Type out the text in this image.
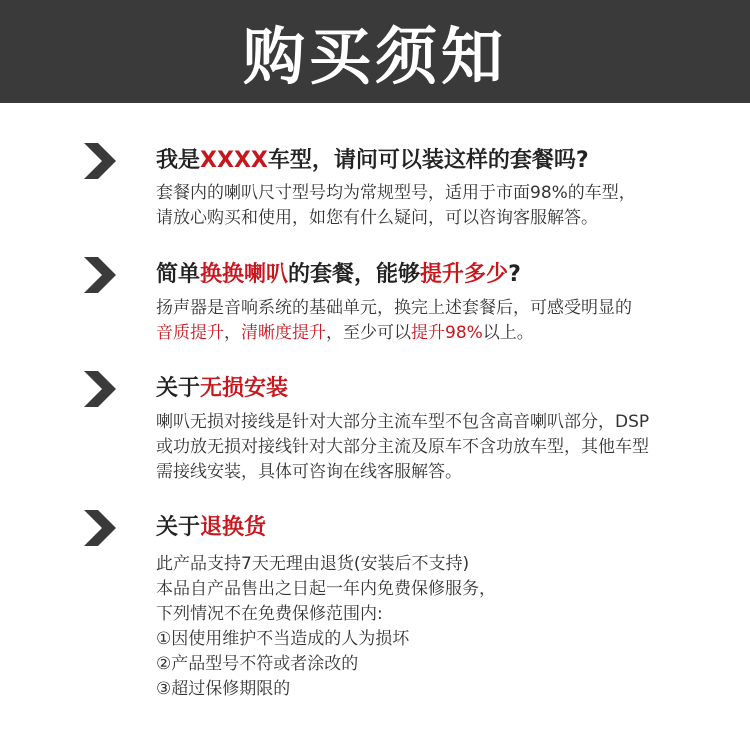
购买须知
我是XXXX车型，请问可以装这样的套餐吗?
套餐内的喇叭尺寸型号均为常规型号，适用于市面98%的车型，
请放心购买和使用，如您有什么疑问，可以咨询客服解答。
简单换换喇叭的套餐，能够提升多少?
扬声器是音响系统的基础单元，换完上述套餐后，可感受明显的
音质提升，清晰度提升，至少可以提升98%以上。
关于无损安装
喇叭无损对接线是针对大部分主流车型不包含高音喇叭部分，DSP
或功放无损对接线针对大部分主流及原车不含功放车型，其他车型
需接线安装，具体可咨询在线客服解答。
关于退换货
此产品支持7天无理由退货(安装后不支持)
本品自产品售出之日起一年内免费保修服务，
下列情况不在免费保修范围内:
①因使用维护不当造成的人为损坏
②产品型号不符或者涂改的
③超过保修期限的
